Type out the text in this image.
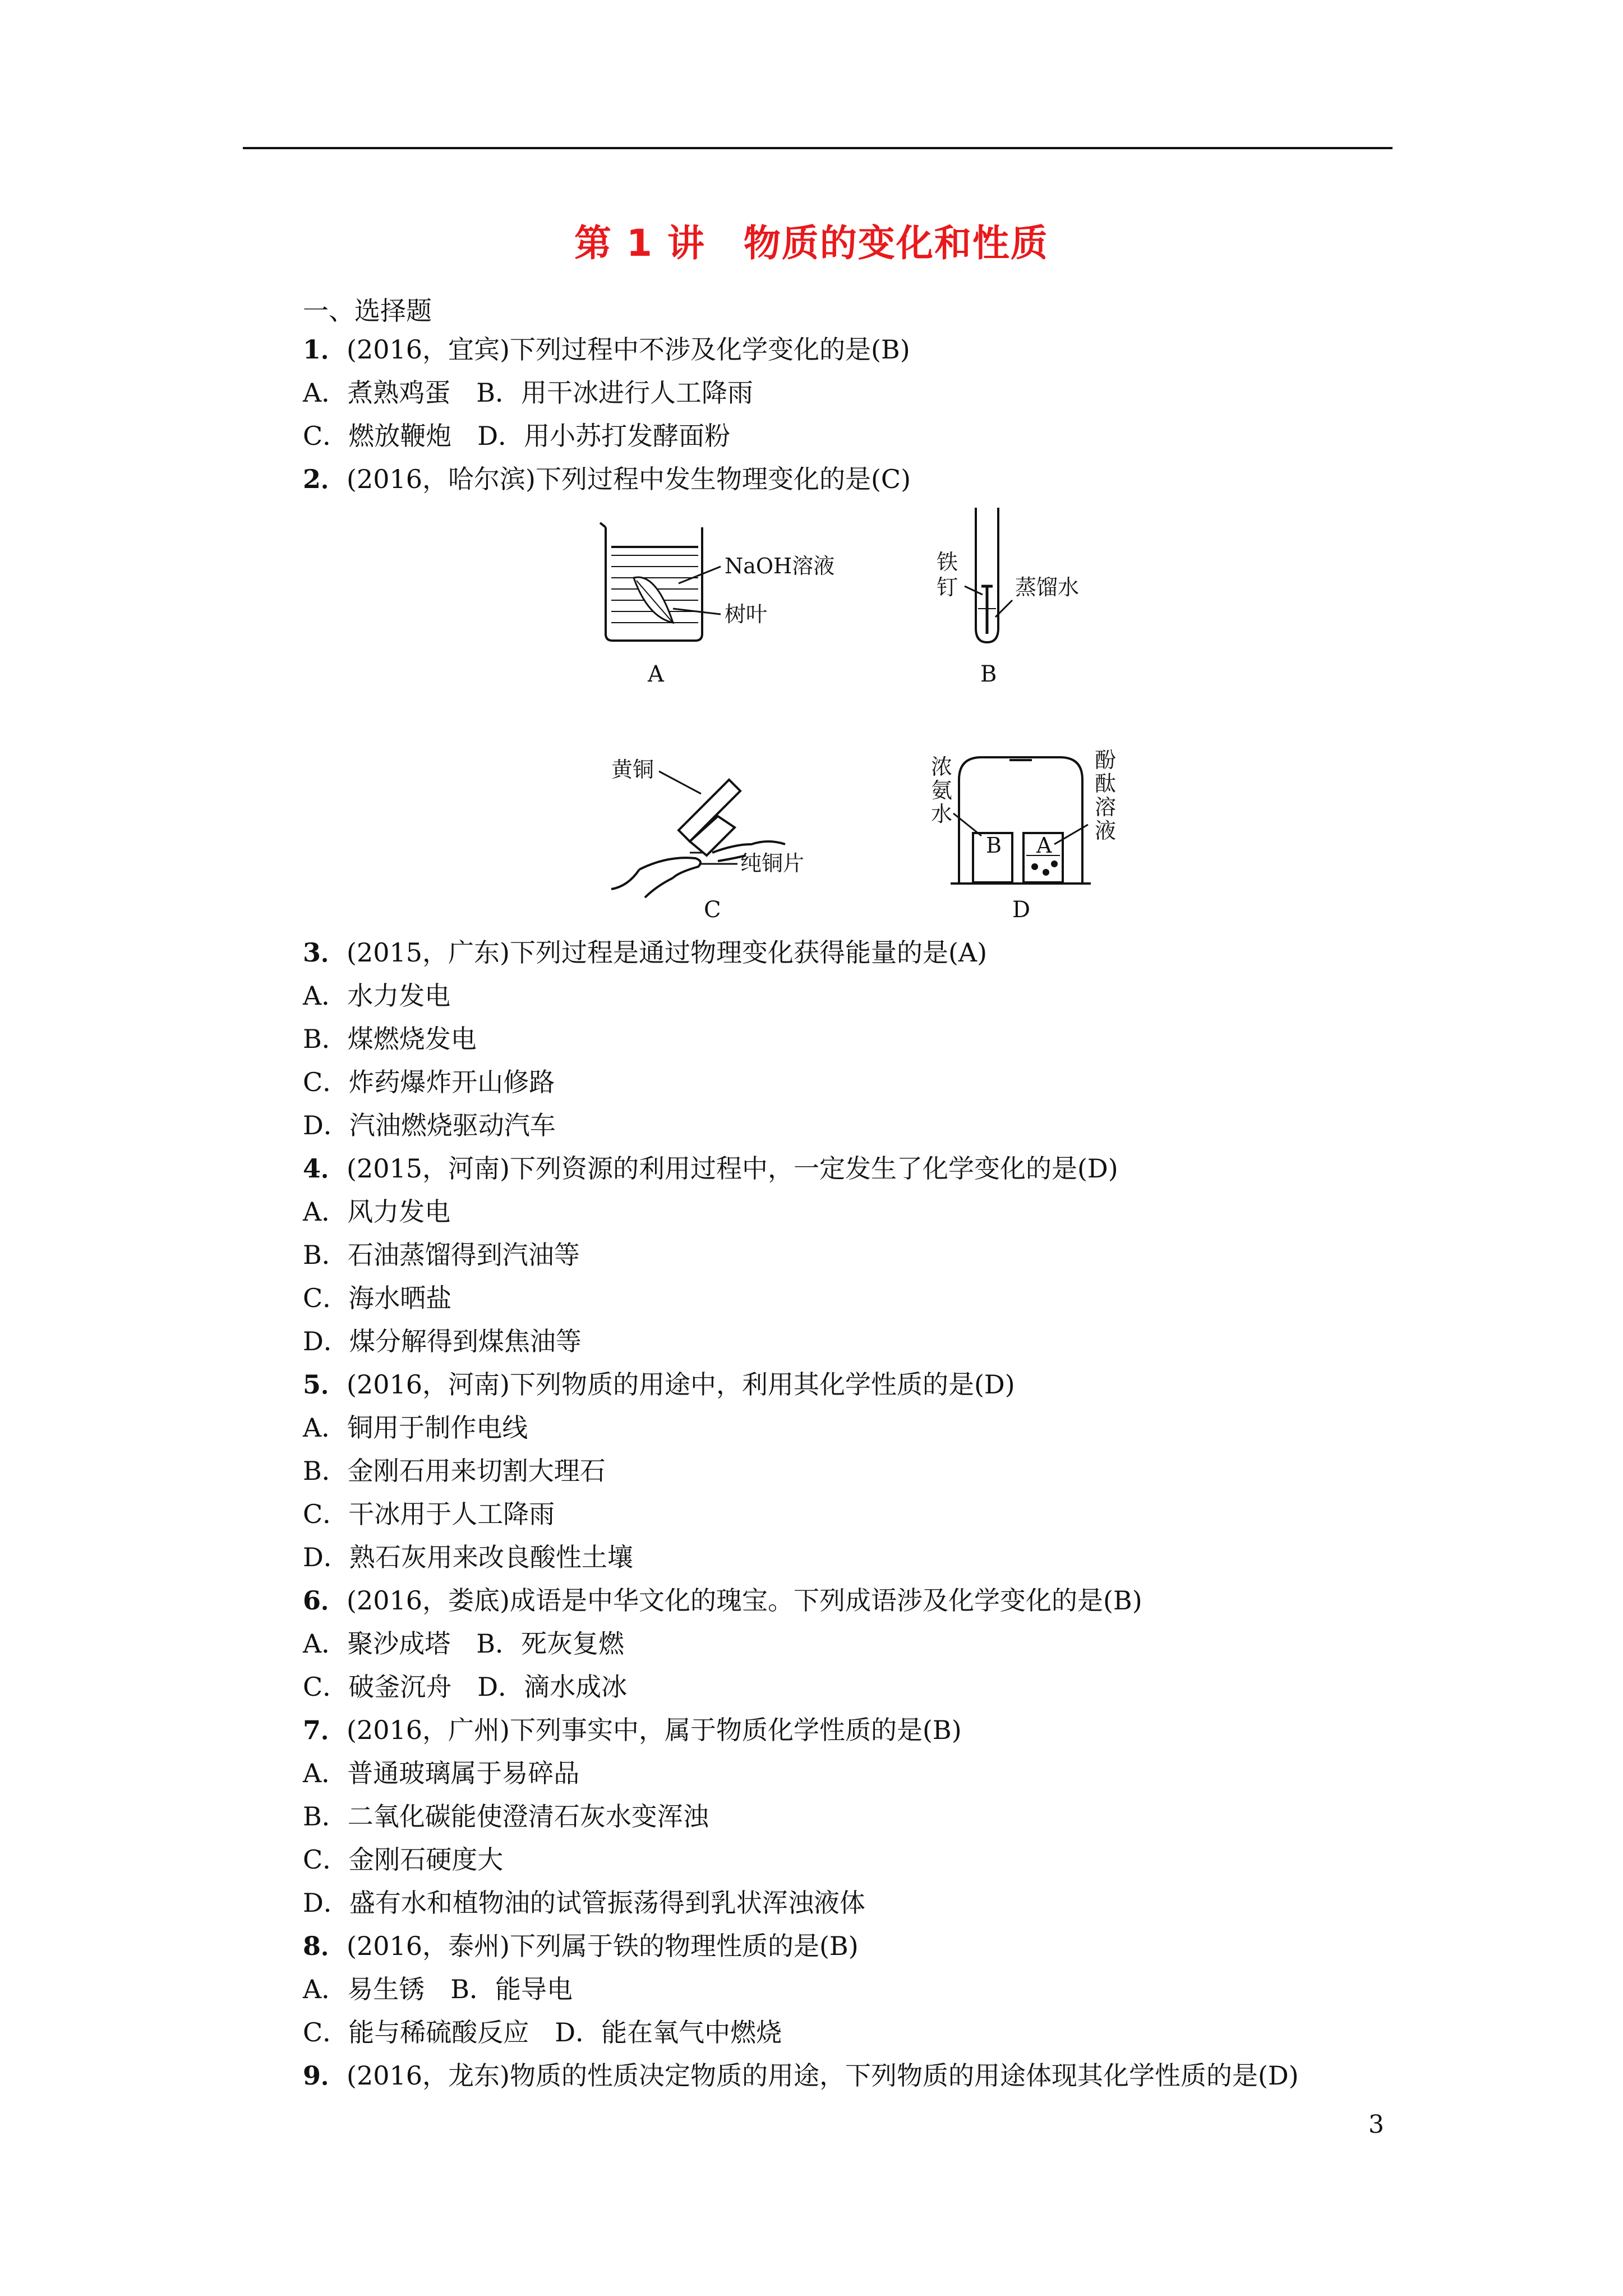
第 1 讲　物质的变化和性质
一、选择题
1．(2016，宜宾)下列过程中不涉及化学变化的是(B)
A．煮熟鸡蛋　B．用干冰进行人工降雨
C．燃放鞭炮　D．用小苏打发酵面粉
2．(2016，哈尔滨)下列过程中发生物理变化的是(C)
NaOH溶液
树叶
A
铁
钉	蒸馏水
B
黄铜
纯铜片
C
浓
氨
水
酚
酞
溶
液
B A
D
3．(2015，广东)下列过程是通过物理变化获得能量的是(A)
A．水力发电
B．煤燃烧发电
C．炸药爆炸开山修路
D．汽油燃烧驱动汽车
4．(2015，河南)下列资源的利用过程中，一定发生了化学变化的是(D)
A．风力发电
B．石油蒸馏得到汽油等
C．海水晒盐
D．煤分解得到煤焦油等
5．(2016，河南)下列物质的用途中，利用其化学性质的是(D)
A．铜用于制作电线
B．金刚石用来切割大理石
C．干冰用于人工降雨
D．熟石灰用来改良酸性土壤
6．(2016，娄底)成语是中华文化的瑰宝。下列成语涉及化学变化的是(B)
A．聚沙成塔　B．死灰复燃
C．破釜沉舟　D．滴水成冰
7．(2016，广州)下列事实中，属于物质化学性质的是(B)
A．普通玻璃属于易碎品
B．二氧化碳能使澄清石灰水变浑浊
C．金刚石硬度大
D．盛有水和植物油的试管振荡得到乳状浑浊液体
8．(2016，泰州)下列属于铁的物理性质的是(B)
A．易生锈　B．能导电
C．能与稀硫酸反应　D．能在氧气中燃烧
9．(2016，龙东)物质的性质决定物质的用途，下列物质的用途体现其化学性质的是(D)
3
